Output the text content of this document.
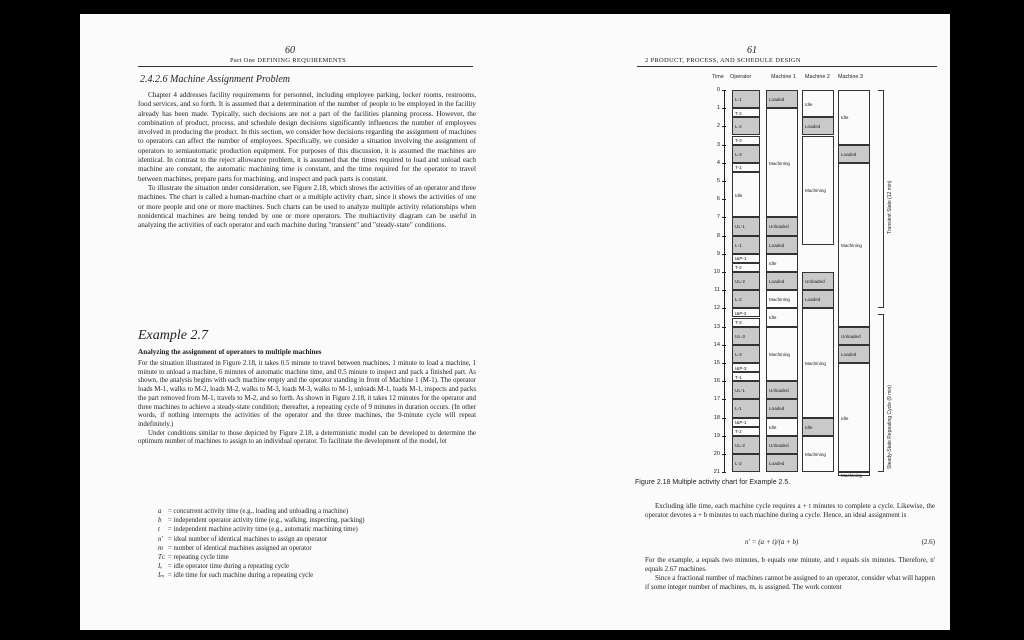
60
Part One DEFINING REQUIREMENTS
2.4.2.6 Machine Assignment Problem

Chapter 4 addresses facility requirements for personnel, including employee parking, locker rooms, restrooms, food services, and so forth. It is assumed that a determination of the number of people to be employed in the facility already has been made. Typically, such decisions are not a part of the facilities planning process. However, the combination of product, process, and schedule design decisions significantly influences the number of employees involved in producing the product. In this section, we consider how decisions regarding the assignment of machines to operators can affect the number of employees. Specifically, we consider a situation involving the assignment of operators to semiautomatic production equipment. For purposes of this discussion, it is assumed the machines are identical. In contrast to the reject allowance problem, it is assumed that the times required to load and unload each machine are constant, the automatic machining time is constant, and the time required for the operator to travel between machines, prepare parts for machining, and inspect and pack parts is constant.

To illustrate the situation under consideration, see Figure 2.18, which shows the activities of an operator and three machines. The chart is called a human-machine chart or a multiple activity chart, since it shows the activities of one or more people and one or more machines. Such charts can be used to analyze multiple activity relationships when nonidentical machines are being tended by one or more operators. The multiactivity diagram can be useful in analyzing the activities of each operator and each machine during "transient" and "steady-state" conditions.

Example 2.7
Analyzing the assignment of operators to multiple machines

For the situation illustrated in Figure 2.18, it takes 0.5 minute to travel between machines, 1 minute to load a machine, 1 minute to unload a machine, 6 minutes of automatic machine time, and 0.5 minute to inspect and pack a finished part. As shown, the analysis begins with each machine empty and the operator standing in front of Machine 1 (M-1). The operator loads M-1, walks to M-2, loads M-2, walks to M-3, loads M-3, walks to M-1, unloads M-1, loads M-1, inspects and packs the part removed from M-1, travels to M-2, and so forth. As shown in Figure 2.18, it takes 12 minutes for the operator and three machines to achieve a steady-state condition; thereafter, a repeating cycle of 9 minutes in duration occurs. (In other words, if nothing interrupts the activities of the operator and the three machines, the 9-minute cycle will repeat indefinitely.)

Under conditions similar to those depicted by Figure 2.18, a deterministic model can be developed to determine the optimum number of machines to assign to an individual operator. To facilitate the development of the model, let

a = concurrent activity time (e.g., loading and unloading a machine)
b = independent operator activity time (e.g., walking, inspecting, packing)
t = independent machine activity time (e.g., automatic machining time)
n' = ideal number of identical machines to assign an operator
m = number of identical machines assigned an operator
Tᴄ = repeating cycle time
Iₒ = idle operator time during a repeating cycle
Iₘ = idle time for each machine during a repeating cycle
61
2 PRODUCT, PROCESS, AND SCHEDULE DESIGN
Time Operator	Machine 1 Machine 2 Machine 3
0
1
2
3
4
5
6
7
8
9
10
11
12
13
14
15
16
17
18
19
20
21
L-1
T-2
L-2
T-3
L-3
T-1
Idle
UL-1
L-1
I&P-1
T-2
UL-2
L-2
I&P-2
T-3
UL-3
L-3
I&P-3
T-1
UL-1
L-1
I&P-1
T-2
UL-2
L-2
Loaded
Machining
Unloaded
Loaded
Idle
Loaded
Machining
Idle
Unloaded
Loaded
Idle
Machining
Unloaded
Loaded
Idle
Loaded
Machining
Unloaded
Loaded
Machining
Idle
Machining
Idle
Loaded
Machining
Unloaded
Loaded
Idle
Machining
Transient State (12 min)
Steady-State Repeating Cycle (9 min)
Figure 2.18 Multiple activity chart for Example 2.5.

Excluding idle time, each machine cycle requires a + t minutes to complete a cycle. Likewise, the operator devotes a + b minutes to each machine during a cycle. Hence, an ideal assignment is

n' = (a + t)/(a + b)	(2.6)

For the example, a equals two minutes, b equals one minute, and t equals six minutes. Therefore, n' equals 2.67 machines.

Since a fractional number of machines cannot be assigned to an operator, consider what will happen if some integer number of machines, m, is assigned. The work content
